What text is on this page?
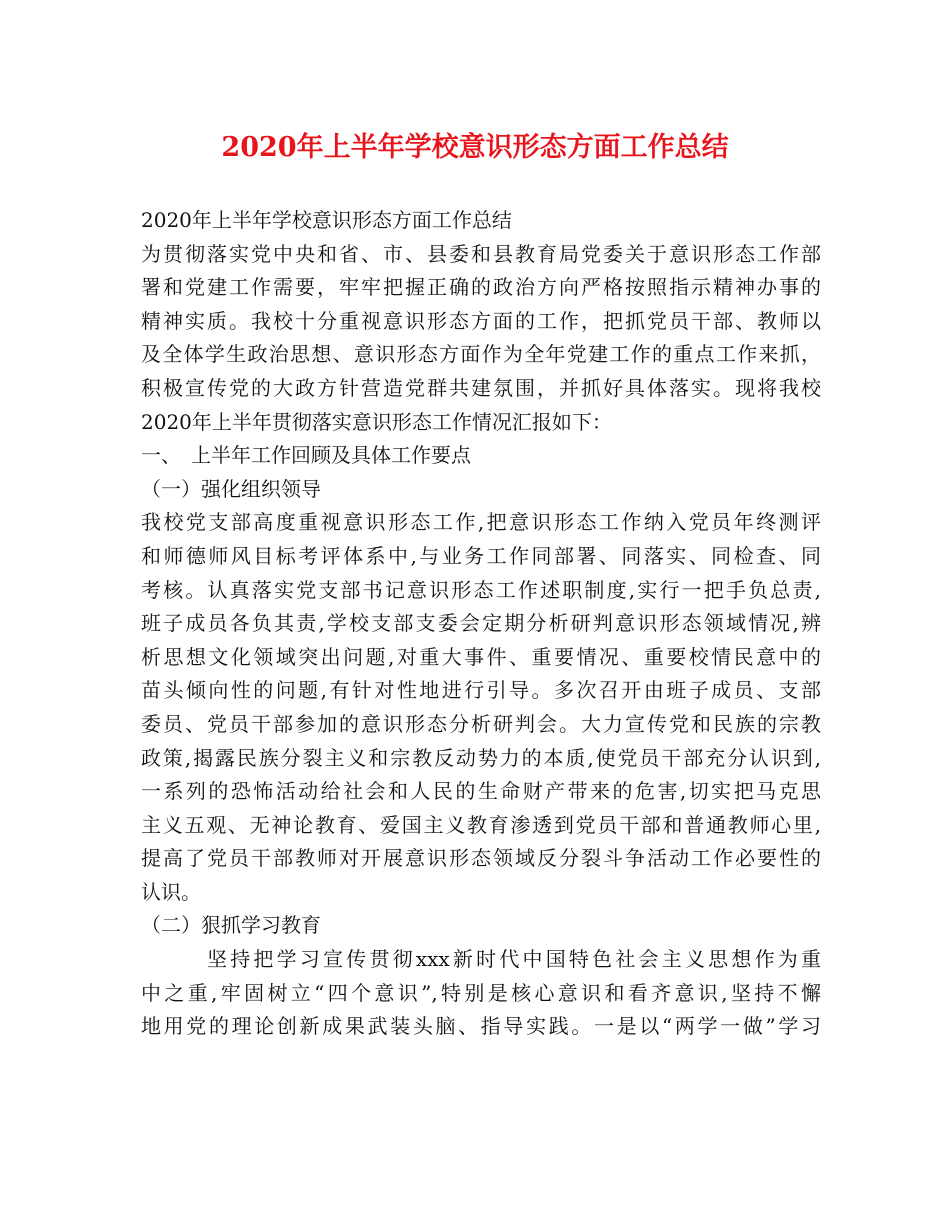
2020年上半年学校意识形态方面工作总结
2020年上半年学校意识形态方面工作总结
为贯彻落实党中央和省、市、县委和县教育局党委关于意识形态工作部
署和党建工作需要，牢牢把握正确的政治方向严格按照指示精神办事的
精神实质。我校十分重视意识形态方面的工作，把抓党员干部、教师以
及全体学生政治思想、意识形态方面作为全年党建工作的重点工作来抓，
积极宣传党的大政方针营造党群共建氛围，并抓好具体落实。现将我校
2020年上半年贯彻落实意识形态工作情况汇报如下：
一、　上半年工作回顾及具体工作要点
（一）强化组织领导
我校党支部高度重视意识形态工作,把意识形态工作纳入党员年终测评
和师德师风目标考评体系中,与业务工作同部署、同落实、同检查、同
考核。认真落实党支部书记意识形态工作述职制度,实行一把手负总责,
班子成员各负其责,学校支部支委会定期分析研判意识形态领域情况,辨
析思想文化领域突出问题,对重大事件、重要情况、重要校情民意中的
苗头倾向性的问题,有针对性地进行引导。多次召开由班子成员、支部
委员、党员干部参加的意识形态分析研判会。大力宣传党和民族的宗教
政策,揭露民族分裂主义和宗教反动势力的本质,使党员干部充分认识到,
一系列的恐怖活动给社会和人民的生命财产带来的危害,切实把马克思
主义五观、无神论教育、爱国主义教育渗透到党员干部和普通教师心里,
提高了党员干部教师对开展意识形态领域反分裂斗争活动工作必要性的
认识。
（二）狠抓学习教育
坚持把学习宣传贯彻xxx新时代中国特色社会主义思想作为重
中之重,牢固树立“四个意识”,特别是核心意识和看齐意识,坚持不懈
地用党的理论创新成果武装头脑、指导实践。一是以“两学一做”学习
